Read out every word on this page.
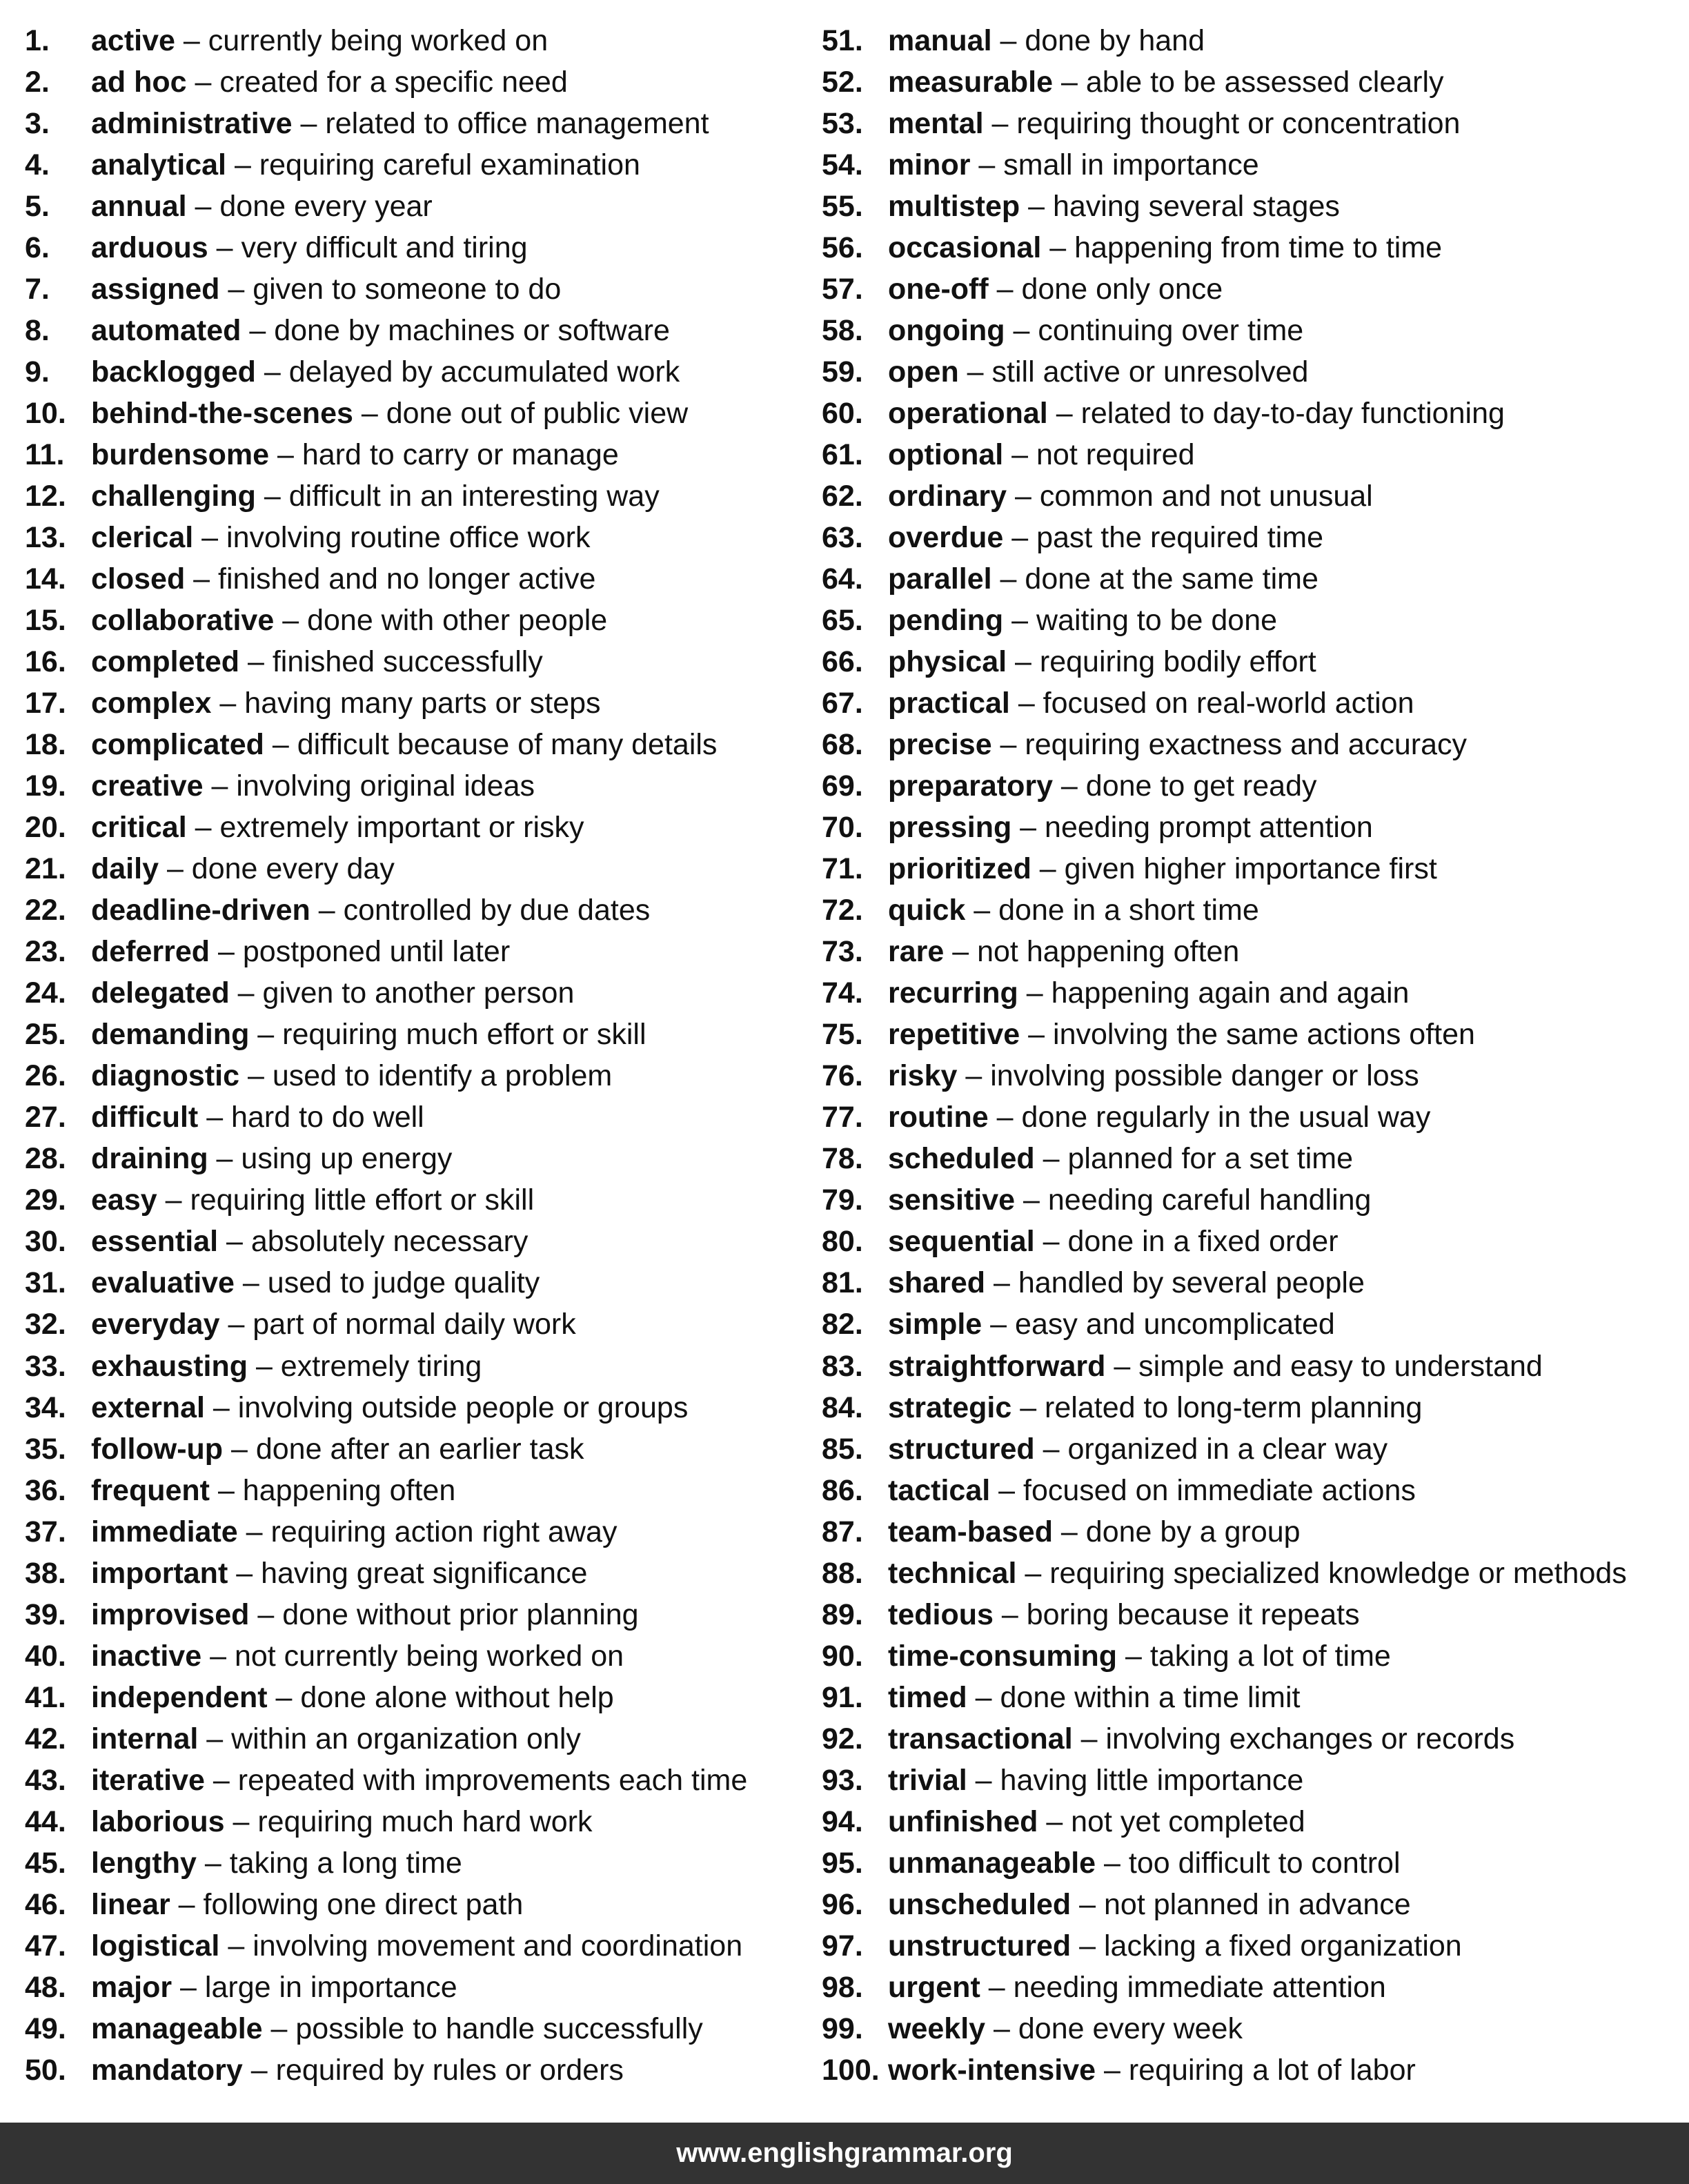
1. active – currently being worked on
2. ad hoc – created for a specific need
3. administrative – related to office management
4. analytical – requiring careful examination
5. annual – done every year
6. arduous – very difficult and tiring
7. assigned – given to someone to do
8. automated – done by machines or software
9. backlogged – delayed by accumulated work
10. behind-the-scenes – done out of public view
11. burdensome – hard to carry or manage
12. challenging – difficult in an interesting way
13. clerical – involving routine office work
14. closed – finished and no longer active
15. collaborative – done with other people
16. completed – finished successfully
17. complex – having many parts or steps
18. complicated – difficult because of many details
19. creative – involving original ideas
20. critical – extremely important or risky
21. daily – done every day
22. deadline-driven – controlled by due dates
23. deferred – postponed until later
24. delegated – given to another person
25. demanding – requiring much effort or skill
26. diagnostic – used to identify a problem
27. difficult – hard to do well
28. draining – using up energy
29. easy – requiring little effort or skill
30. essential – absolutely necessary
31. evaluative – used to judge quality
32. everyday – part of normal daily work
33. exhausting – extremely tiring
34. external – involving outside people or groups
35. follow-up – done after an earlier task
36. frequent – happening often
37. immediate – requiring action right away
38. important – having great significance
39. improvised – done without prior planning
40. inactive – not currently being worked on
41. independent – done alone without help
42. internal – within an organization only
43. iterative – repeated with improvements each time
44. laborious – requiring much hard work
45. lengthy – taking a long time
46. linear – following one direct path
47. logistical – involving movement and coordination
48. major – large in importance
49. manageable – possible to handle successfully
50. mandatory – required by rules or orders
51. manual – done by hand
52. measurable – able to be assessed clearly
53. mental – requiring thought or concentration
54. minor – small in importance
55. multistep – having several stages
56. occasional – happening from time to time
57. one-off – done only once
58. ongoing – continuing over time
59. open – still active or unresolved
60. operational – related to day-to-day functioning
61. optional – not required
62. ordinary – common and not unusual
63. overdue – past the required time
64. parallel – done at the same time
65. pending – waiting to be done
66. physical – requiring bodily effort
67. practical – focused on real-world action
68. precise – requiring exactness and accuracy
69. preparatory – done to get ready
70. pressing – needing prompt attention
71. prioritized – given higher importance first
72. quick – done in a short time
73. rare – not happening often
74. recurring – happening again and again
75. repetitive – involving the same actions often
76. risky – involving possible danger or loss
77. routine – done regularly in the usual way
78. scheduled – planned for a set time
79. sensitive – needing careful handling
80. sequential – done in a fixed order
81. shared – handled by several people
82. simple – easy and uncomplicated
83. straightforward – simple and easy to understand
84. strategic – related to long-term planning
85. structured – organized in a clear way
86. tactical – focused on immediate actions
87. team-based – done by a group
88. technical – requiring specialized knowledge or methods
89. tedious – boring because it repeats
90. time-consuming – taking a lot of time
91. timed – done within a time limit
92. transactional – involving exchanges or records
93. trivial – having little importance
94. unfinished – not yet completed
95. unmanageable – too difficult to control
96. unscheduled – not planned in advance
97. unstructured – lacking a fixed organization
98. urgent – needing immediate attention
99. weekly – done every week
100. work-intensive – requiring a lot of labor
www.englishgrammar.org
